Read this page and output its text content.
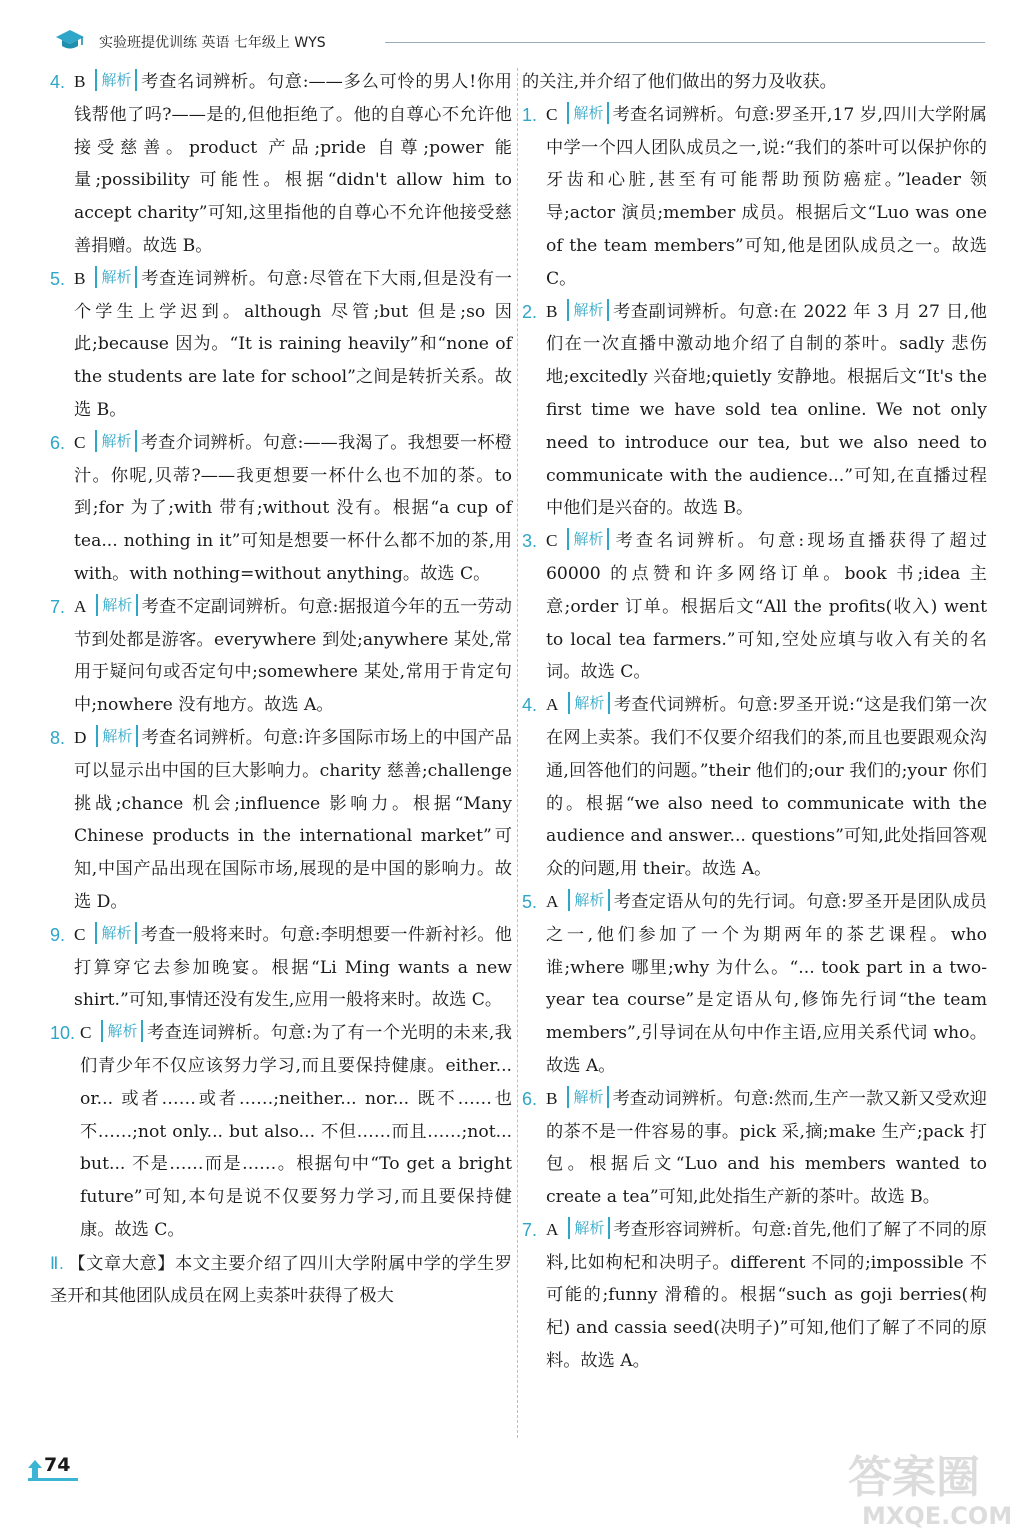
实验班提优训练 英语 七年级上 WYS
4. B 解析 考查名词辨析。句意:——多么可怜的男人!你用钱帮他了吗?——是的,但他拒绝了。他的自尊心不允许他接受慈善。product 产品;pride 自尊;power 能量;possibility 可能性。根据“didn't allow him to accept charity”可知,这里指他的自尊心不允许他接受慈善捐赠。故选 B。
5. B 解析 考查连词辨析。句意:尽管在下大雨,但是没有一个学生上学迟到。although 尽管;but 但是;so 因此;because 因为。“It is raining heavily”和“none of the students are late for school”之间是转折关系。故选 B。
6. C 解析 考查介词辨析。句意:——我渴了。我想要一杯橙汁。你呢,贝蒂?——我更想要一杯什么也不加的茶。to 到;for 为了;with 带有;without 没有。根据“a cup of tea... nothing in it”可知是想要一杯什么都不加的茶,用 with。with nothing=without anything。故选 C。
7. A 解析 考查不定副词辨析。句意:据报道今年的五一劳动节到处都是游客。everywhere 到处;anywhere 某处,常用于疑问句或否定句中;somewhere 某处,常用于肯定句中;nowhere 没有地方。故选 A。
8. D 解析 考查名词辨析。句意:许多国际市场上的中国产品可以显示出中国的巨大影响力。charity 慈善;challenge 挑战;chance 机会;influence 影响力。根据“Many Chinese products in the international market”可知,中国产品出现在国际市场,展现的是中国的影响力。故选 D。
9. C 解析 考查一般将来时。句意:李明想要一件新衬衫。他打算穿它去参加晚宴。根据“Li Ming wants a new shirt.”可知,事情还没有发生,应用一般将来时。故选 C。
10. C 解析 考查连词辨析。句意:为了有一个光明的未来,我们青少年不仅应该努力学习,而且要保持健康。either... or... 或者……或者……;neither... nor... 既不……也不……;not only... but also... 不但……而且……;not... but... 不是……而是……。根据句中“To get a bright future”可知,本句是说不仅要努力学习,而且要保持健康。故选 C。
Ⅱ. 【文章大意】本文主要介绍了四川大学附属中学的学生罗圣开和其他团队成员在网上卖茶叶获得了极大
的关注,并介绍了他们做出的努力及收获。
1. C 解析 考查名词辨析。句意:罗圣开,17 岁,四川大学附属中学一个四人团队成员之一,说:“我们的茶叶可以保护你的牙齿和心脏,甚至有可能帮助预防癌症。”leader 领导;actor 演员;member 成员。根据后文“Luo was one of the team members”可知,他是团队成员之一。故选 C。
2. B 解析 考查副词辨析。句意:在 2022 年 3 月 27 日,他们在一次直播中激动地介绍了自制的茶叶。sadly 悲伤地;excitedly 兴奋地;quietly 安静地。根据后文“It's the first time we have sold tea online. We not only need to introduce our tea, but we also need to communicate with the audience...”可知,在直播过程中他们是兴奋的。故选 B。
3. C 解析 考查名词辨析。句意:现场直播获得了超过 60000 的点赞和许多网络订单。book 书;idea 主意;order 订单。根据后文“All the profits(收入) went to local tea farmers.”可知,空处应填与收入有关的名词。故选 C。
4. A 解析 考查代词辨析。句意:罗圣开说:“这是我们第一次在网上卖茶。我们不仅要介绍我们的茶,而且也要跟观众沟通,回答他们的问题。”their 他们的;our 我们的;your 你们的。根据“we also need to communicate with the audience and answer... questions”可知,此处指回答观众的问题,用 their。故选 A。
5. A 解析 考查定语从句的先行词。句意:罗圣开是团队成员之一,他们参加了一个为期两年的茶艺课程。who 谁;where 哪里;why 为什么。“... took part in a two-year tea course”是定语从句,修饰先行词“the team members”,引导词在从句中作主语,应用关系代词 who。故选 A。
6. B 解析 考查动词辨析。句意:然而,生产一款又新又受欢迎的茶不是一件容易的事。pick 采,摘;make 生产;pack 打包。根据后文“Luo and his members wanted to create a tea”可知,此处指生产新的茶叶。故选 B。
7. A 解析 考查形容词辨析。句意:首先,他们了解了不同的原料,比如枸杞和决明子。different 不同的;impossible 不可能的;funny 滑稽的。根据“such as goji berries(枸杞) and cassia seed(决明子)”可知,他们了解了不同的原料。故选 A。
74	答案圈
MXQE.COM
